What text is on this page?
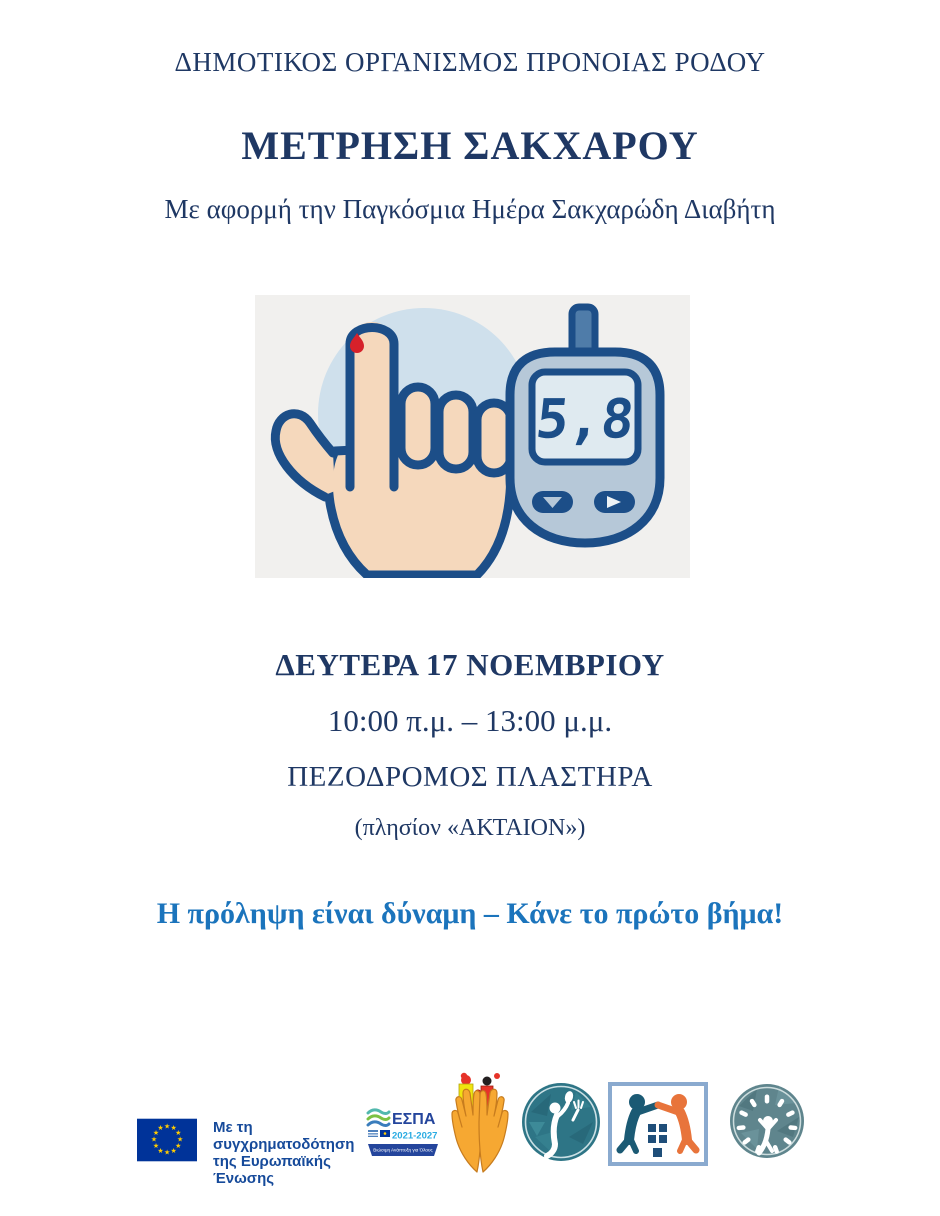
ΔΗΜΟΤΙΚΟΣ ΟΡΓΑΝΙΣΜΟΣ ΠΡΟΝΟΙΑΣ ΡΟΔΟΥ
ΜΕΤΡΗΣΗ ΣΑΚΧΑΡΟΥ
Με αφορμή την Παγκόσμια Ημέρα Σακχαρώδη Διαβήτη
5,8
ΔΕΥΤΕΡΑ 17 ΝΟΕΜΒΡΙΟΥ
10:00 π.μ. – 13:00 μ.μ.
ΠΕΖΟΔΡΟΜΟΣ ΠΛΑΣΤΗΡΑ
(πλησίον «ΑΚΤΑΙΟΝ»)
Η πρόληψη είναι δύναμη – Κάνε το πρώτο βήμα!
★ ★
★
★
★
★
★
★
★
★
★
★	Με τη συγχρηματοδότηση
της Ευρωπαϊκής Ένωσης
ΕΣΠΑ
2021-2027
Βιώσιμη Ανάπτυξη για Όλους
